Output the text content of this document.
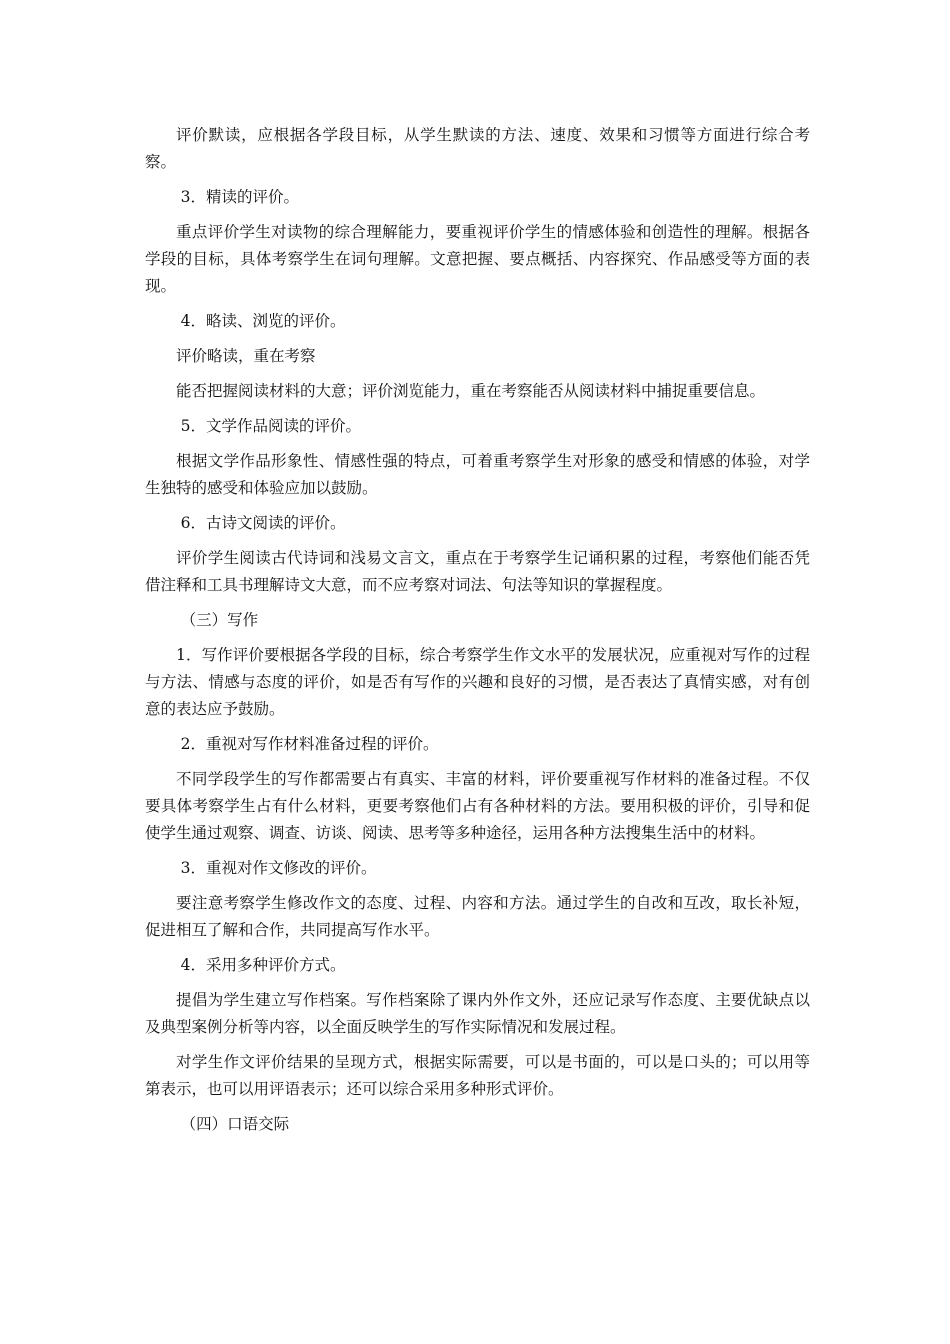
评价默读，应根据各学段目标，从学生默读的方法、速度、效果和习惯等方面进行综合考察。

3．精读的评价。

重点评价学生对读物的综合理解能力，要重视评价学生的情感体验和创造性的理解。根据各学段的目标，具体考察学生在词句理解。文意把握、要点概括、内容探究、作品感受等方面的表现。

4．略读、浏览的评价。

评价略读，重在考察

能否把握阅读材料的大意；评价浏览能力，重在考察能否从阅读材料中捕捉重要信息。

5．文学作品阅读的评价。

根据文学作品形象性、情感性强的特点，可着重考察学生对形象的感受和情感的体验，对学生独特的感受和体验应加以鼓励。

6．古诗文阅读的评价。

评价学生阅读古代诗词和浅易文言文，重点在于考察学生记诵积累的过程，考察他们能否凭借注释和工具书理解诗文大意，而不应考察对词法、句法等知识的掌握程度。

（三）写作

1．写作评价要根据各学段的目标，综合考察学生作文水平的发展状况，应重视对写作的过程与方法、情感与态度的评价，如是否有写作的兴趣和良好的习惯，是否表达了真情实感，对有创意的表达应予鼓励。

2．重视对写作材料准备过程的评价。

不同学段学生的写作都需要占有真实、丰富的材料，评价要重视写作材料的准备过程。不仅要具体考察学生占有什么材料，更要考察他们占有各种材料的方法。要用积极的评价，引导和促使学生通过观察、调查、访谈、阅读、思考等多种途径，运用各种方法搜集生活中的材料。

3．重视对作文修改的评价。

要注意考察学生修改作文的态度、过程、内容和方法。通过学生的自改和互改，取长补短，促进相互了解和合作，共同提高写作水平。

4．采用多种评价方式。

提倡为学生建立写作档案。写作档案除了课内外作文外，还应记录写作态度、主要优缺点以及典型案例分析等内容，以全面反映学生的写作实际情况和发展过程。

对学生作文评价结果的呈现方式，根据实际需要，可以是书面的，可以是口头的；可以用等第表示，也可以用评语表示；还可以综合采用多种形式评价。

（四）口语交际
